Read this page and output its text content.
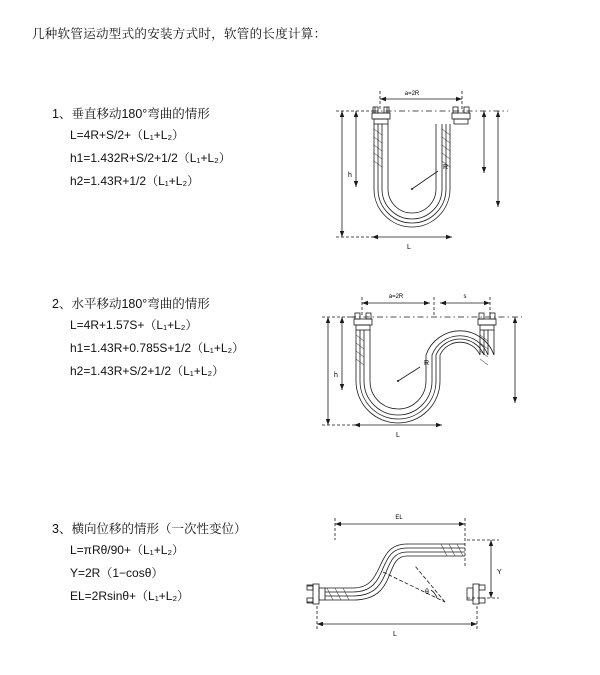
几种软管运动型式的安装方式时，软管的长度计算：
1、垂直移动180°弯曲的情形
L=4R+S/2+（L₁+L₂）
h1=1.432R+S/2+1/2（L₁+L₂）
h2=1.43R+1/2（L₁+L₂）
a=2R
R
h
L
2、水平移动180°弯曲的情形
L=4R+1.57S+（L₁+L₂）
h1=1.43R+0.785S+1/2（L₁+L₂）
h2=1.43R+S/2+1/2（L₁+L₂）
a=2R	s
R
h
L
3、横向位移的情形（一次性变位）
L=πRθ/90+（L₁+L₂）
Y=2R（1−cosθ）
EL=2Rsinθ+（L₁+L₂）
EL
Y
L
θ
